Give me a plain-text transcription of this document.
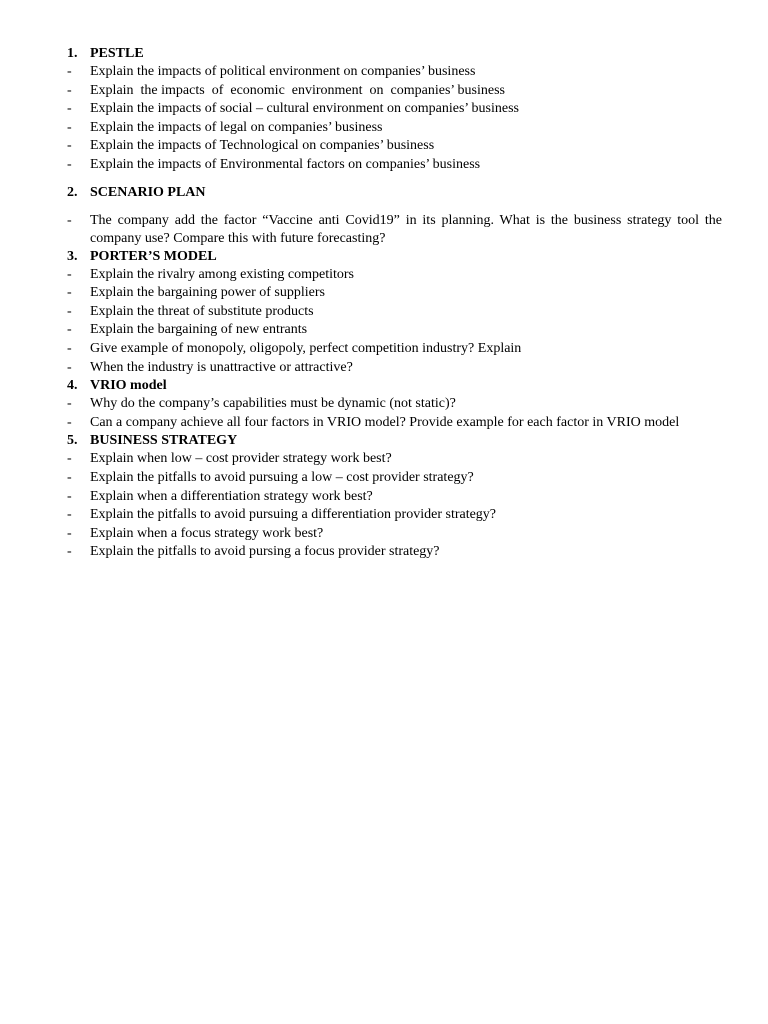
1. PESTLE
-	Explain the impacts of political environment on companies’ business
-	Explain  the impacts  of  economic  environment  on  companies’ business
-	Explain the impacts of social – cultural environment on companies’ business
-	Explain the impacts of legal on companies’ business
-	Explain the impacts of Technological on companies’ business
-	Explain the impacts of Environmental factors on companies’ business
2. SCENARIO PLAN
-	The company add the factor “Vaccine anti Covid19” in its planning. What is the business strategy tool the company use? Compare this with future forecasting?
3. PORTER’S MODEL
-	Explain the rivalry among existing competitors
-	Explain the bargaining power of suppliers
-	Explain the threat of substitute products
-	Explain the bargaining of new entrants
-	Give example of monopoly, oligopoly, perfect competition industry? Explain
-	When the industry is unattractive or attractive?
4. VRIO model
-	Why do the company’s capabilities must be dynamic (not static)?
-	Can a company achieve all four factors in VRIO model? Provide example for each factor in VRIO model
5. BUSINESS STRATEGY
-	Explain when low – cost provider strategy work best?
-	Explain the pitfalls to avoid pursuing a low – cost provider strategy?
-	Explain when a differentiation strategy work best?
-	Explain the pitfalls to avoid pursuing a differentiation provider strategy?
-	Explain when a focus strategy work best?
-	Explain the pitfalls to avoid pursing a focus provider strategy?
